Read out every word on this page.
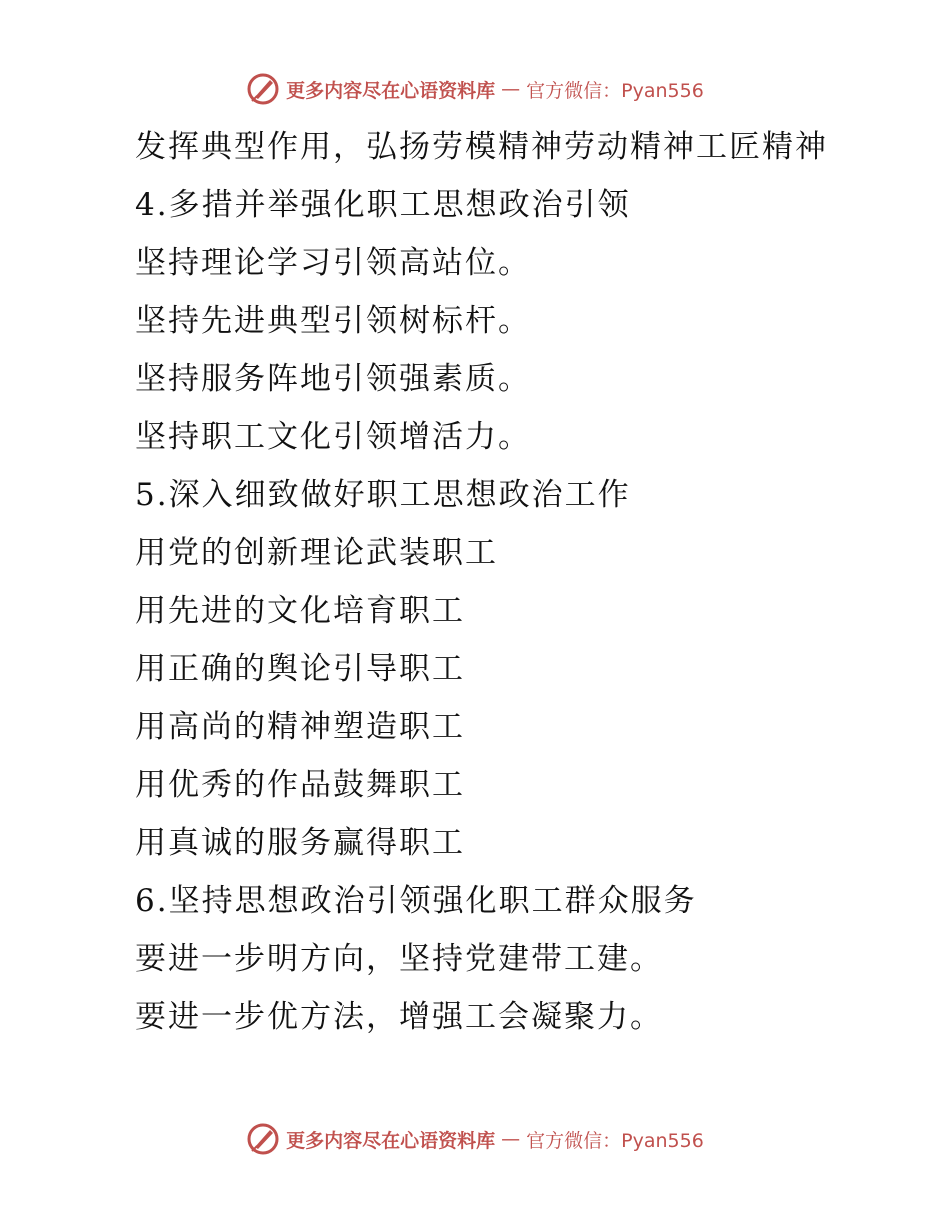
更多内容尽在心语资料库 — 官方微信：Pyan556
发挥典型作用，弘扬劳模精神劳动精神工匠精神
4.多措并举强化职工思想政治引领
坚持理论学习引领高站位。
坚持先进典型引领树标杆。
坚持服务阵地引领强素质。
坚持职工文化引领增活力。
5.深入细致做好职工思想政治工作
用党的创新理论武装职工
用先进的文化培育职工
用正确的舆论引导职工
用高尚的精神塑造职工
用优秀的作品鼓舞职工
用真诚的服务赢得职工
6.坚持思想政治引领强化职工群众服务
要进一步明方向，坚持党建带工建。
要进一步优方法，增强工会凝聚力。
更多内容尽在心语资料库 — 官方微信：Pyan556
